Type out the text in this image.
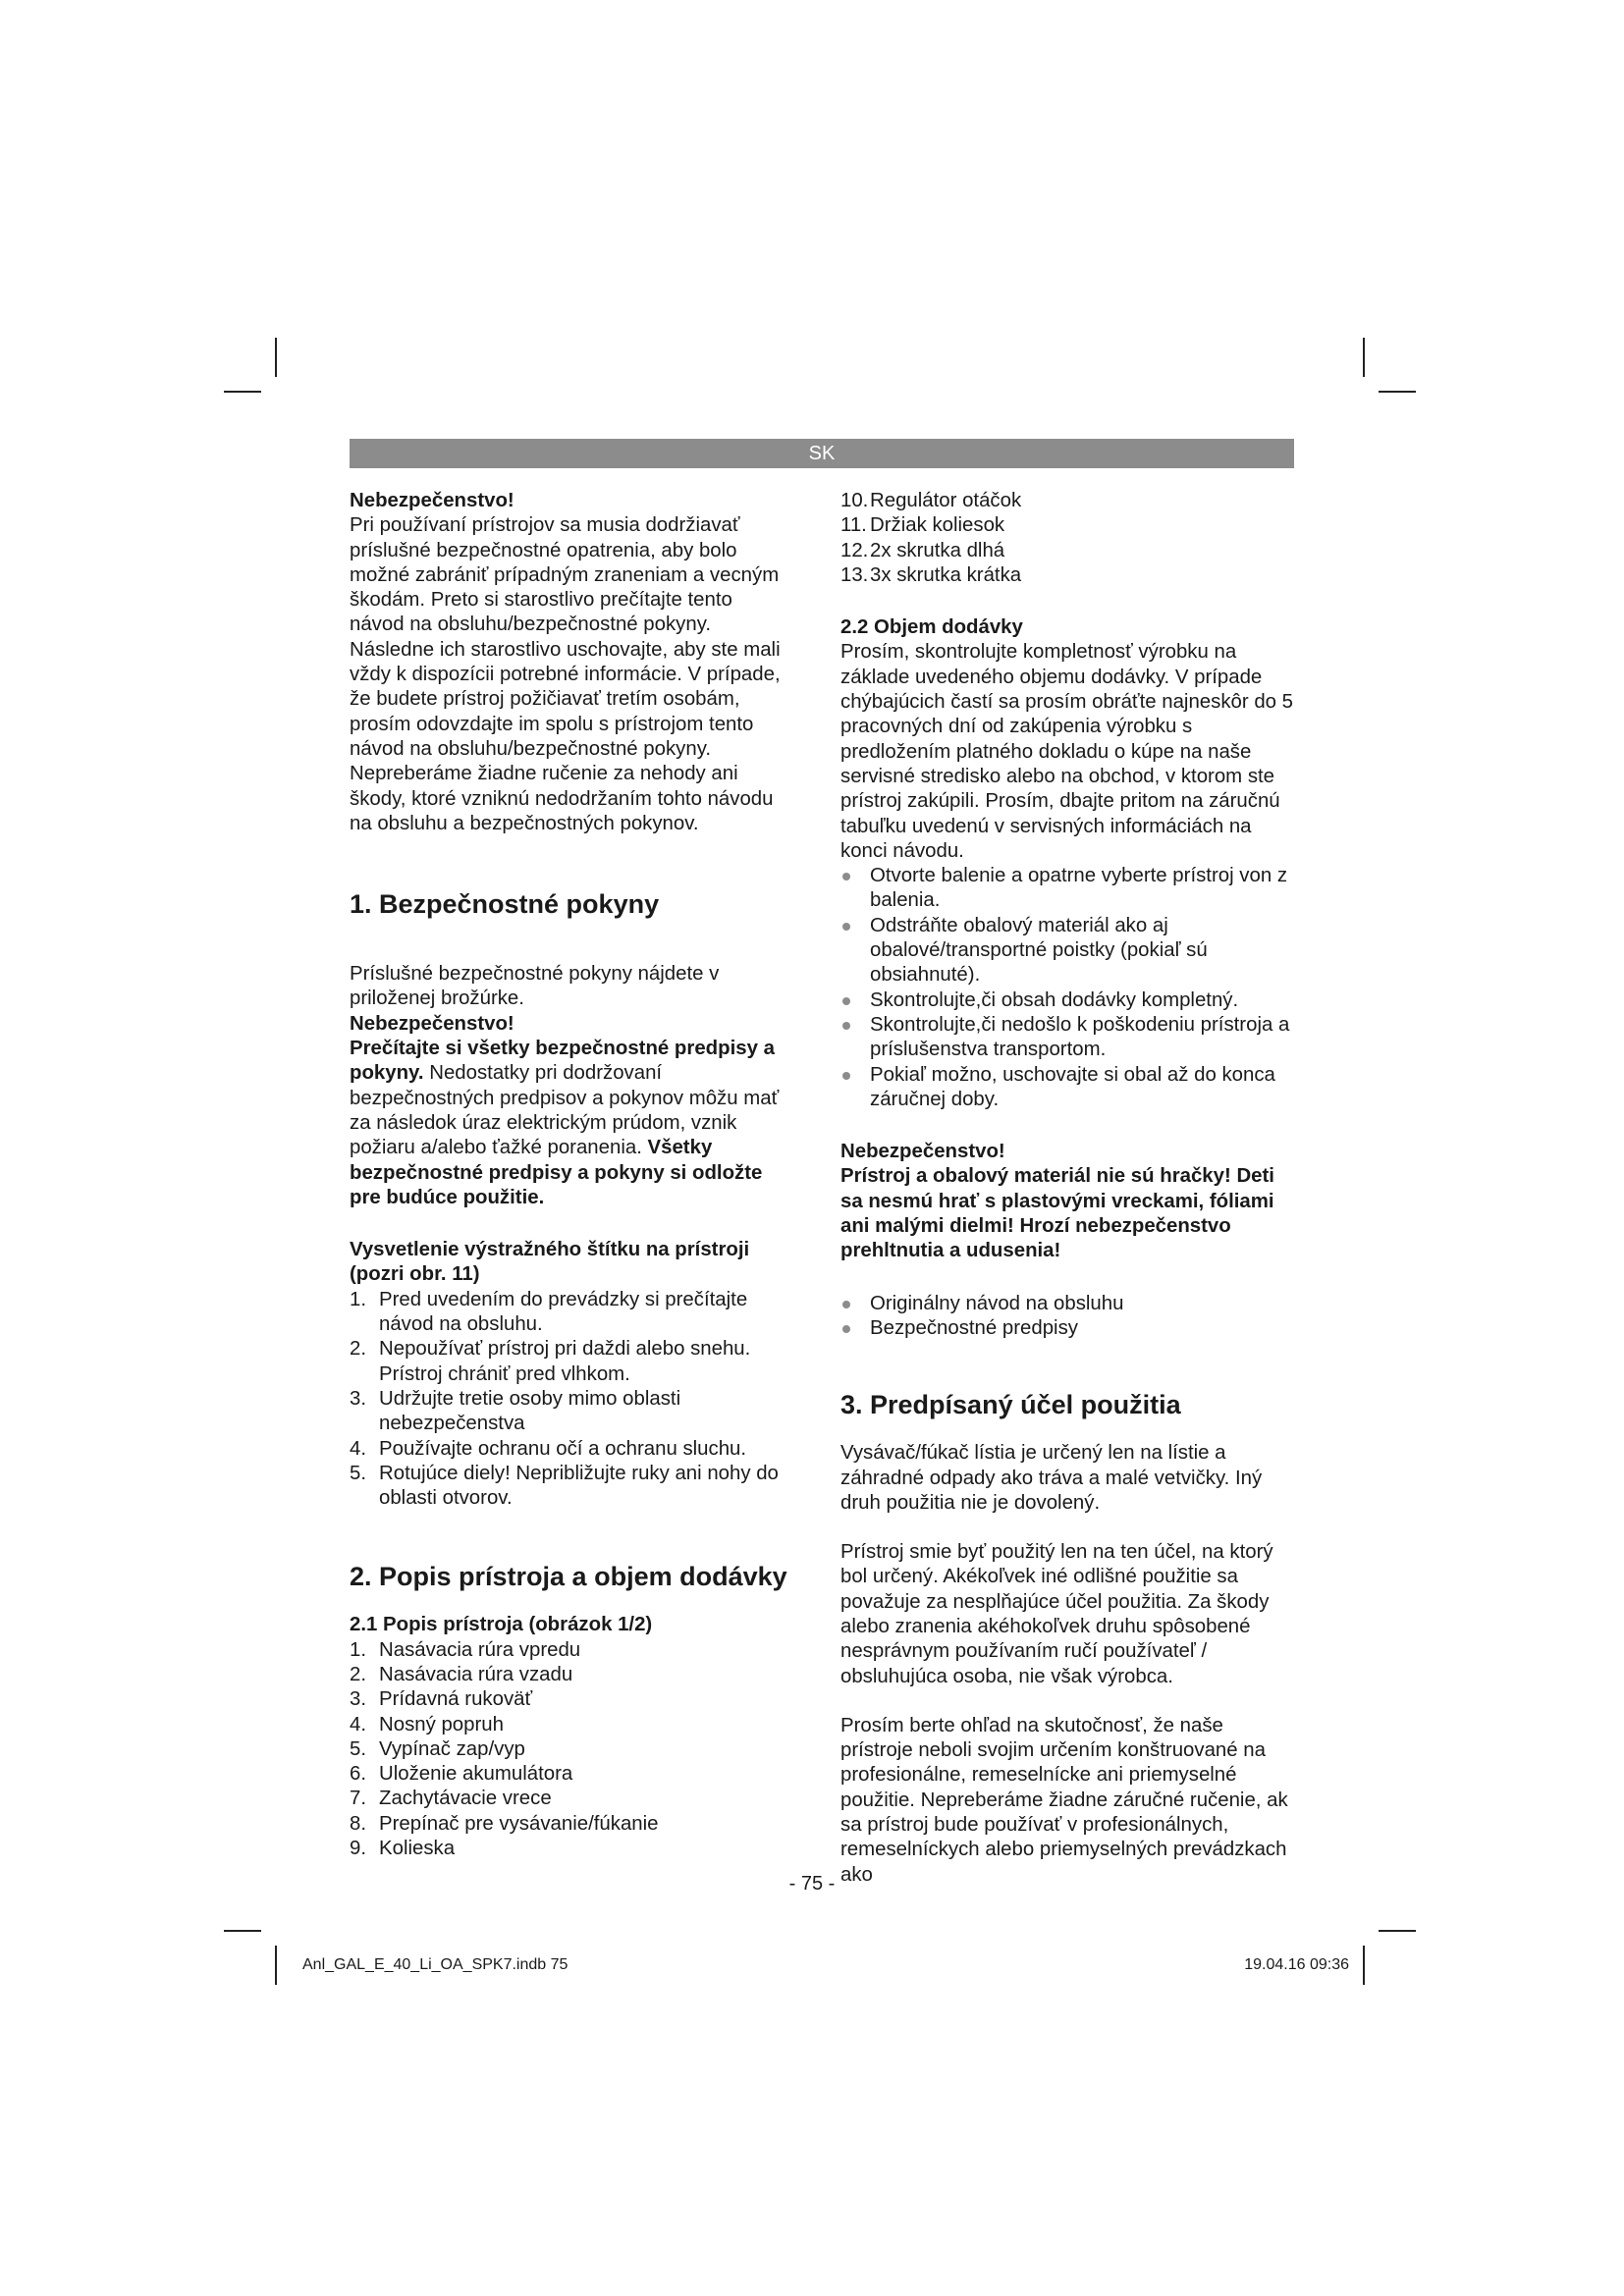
SK
Nebezpečenstvo!

Pri používaní prístrojov sa musia dodržiavať príslušné bezpečnostné opatrenia, aby bolo možné zabrániť prípadným zraneniam a vecným škodám. Preto si starostlivo prečítajte tento návod na obsluhu/bezpečnostné pokyny. Následne ich starostlivo uschovajte, aby ste mali vždy k dispozícii potrebné informácie. V prípade, že budete prístroj požičiavať tretím osobám, prosím odovzdajte im spolu s prístrojom tento návod na obsluhu/bezpečnostné pokyny. Nepreberáme žiadne ručenie za nehody ani škody, ktoré vzniknú nedodržaním tohto návodu na obsluhu a bezpečnostných pokynov.

1. Bezpečnostné pokyny

Príslušné bezpečnostné pokyny nájdete v priloženej brožúrke.

Nebezpečenstvo!

Prečítajte si všetky bezpečnostné predpisy a pokyny. Nedostatky pri dodržovaní bezpečnostných predpisov a pokynov môžu mať za následok úraz elektrickým prúdom, vznik požiaru a/alebo ťažké poranenia. Všetky bezpečnostné predpisy a pokyny si odložte pre budúce použitie.

Vysvetlenie výstražného štítku na prístroji (pozri obr. 11)
1. Pred uvedením do prevádzky si prečítajte návod na obsluhu.
2. Nepoužívať prístroj pri daždi alebo snehu. Prístroj chrániť pred vlhkom.
3. Udržujte tretie osoby mimo oblasti nebezpečenstva
4. Používajte ochranu očí a ochranu sluchu.
5. Rotujúce diely! Nepribližujte ruky ani nohy do oblasti otvorov.
2. Popis prístroja a objem dodávky
2.1 Popis prístroja (obrázok 1/2)
1. Nasávacia rúra vpredu
2. Nasávacia rúra vzadu
3. Prídavná rukoväť
4. Nosný popruh
5. Vypínač zap/vyp
6. Uloženie akumulátora
7. Zachytávacie vrece
8. Prepínač pre vysávanie/fúkanie
9. Kolieska
10. Regulátor otáčok
11. Držiak koliesok
12. 2x skrutka dlhá
13. 3x skrutka krátka
2.2 Objem dodávky

Prosím, skontrolujte kompletnosť výrobku na základe uvedeného objemu dodávky. V prípade chýbajúcich častí sa prosím obráťte najneskôr do 5 pracovných dní od zakúpenia výrobku s predložením platného dokladu o kúpe na naše servisné stredisko alebo na obchod, v ktorom ste prístroj zakúpili. Prosím, dbajte pritom na záručnú tabuľku uvedenú v servisných informáciách na konci návodu.

Otvorte balenie a opatrne vyberte prístroj von z balenia.
Odstráňte obalový materiál ako aj obalové/transportné poistky (pokiaľ sú obsiahnuté).
Skontrolujte,či obsah dodávky kompletný.
Skontrolujte,či nedošlo k poškodeniu prístroja a príslušenstva transportom.
Pokiaľ možno, uschovajte si obal až do konca záručnej doby.
Nebezpečenstvo!

Prístroj a obalový materiál nie sú hračky! Deti sa nesmú hrať s plastovými vreckami, fóliami ani malými dielmi! Hrozí nebezpečenstvo prehltnutia a udusenia!

Originálny návod na obsluhu
Bezpečnostné predpisy
3. Predpísaný účel použitia

Vysávač/fúkač lístia je určený len na lístie a záhradné odpady ako tráva a malé vetvičky. Iný druh použitia nie je dovolený.

Prístroj smie byť použitý len na ten účel, na ktorý bol určený. Akékoľvek iné odlišné použitie sa považuje za nesplňajúce účel použitia. Za škody alebo zranenia akéhokoľvek druhu spôsobené nesprávnym používaním ručí používateľ / obsluhujúca osoba, nie však výrobca.

Prosím berte ohľad na skutočnosť, že naše prístroje neboli svojim určením konštruované na profesionálne, remeselnícke ani priemyselné použitie. Nepreberáme žiadne záručné ručenie, ak sa prístroj bude používať v profesionálnych, remeselníckych alebo priemyselných prevádzkach ako

- 75 -
Anl_GAL_E_40_Li_OA_SPK7.indb 75	19.04.16 09:36
